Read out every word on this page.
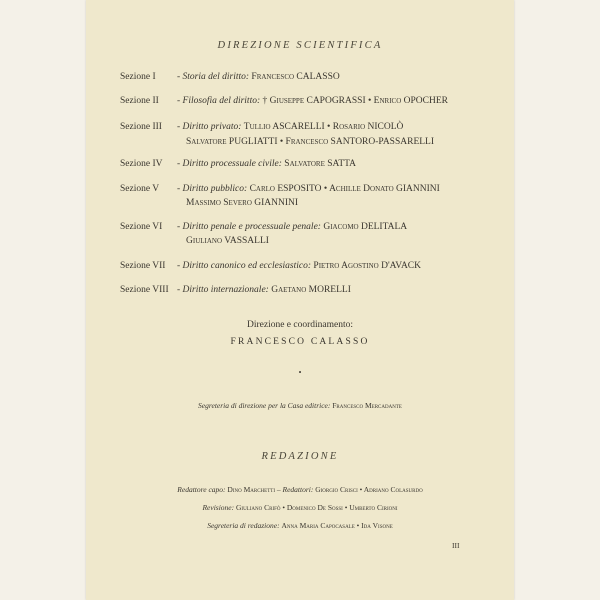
DIREZIONE SCIENTIFICA
Sezione I - Storia del diritto: Francesco CALASSO
Sezione II - Filosofia del diritto: † Giuseppe CAPOGRASSI • Enrico OPOCHER
Sezione III - Diritto privato: Tullio ASCARELLI • Rosario NICOLÒ
Salvatore PUGLIATTI • Francesco SANTORO-PASSARELLI
Sezione IV - Diritto processuale civile: Salvatore SATTA
Sezione V - Diritto pubblico: Carlo ESPOSITO • Achille Donato GIANNINI
Massimo Severo GIANNINI
Sezione VI - Diritto penale e processuale penale: Giacomo DELITALA
Giuliano VASSALLI
Sezione VII - Diritto canonico ed ecclesiastico: Pietro Agostino D'AVACK
Sezione VIII - Diritto internazionale: Gaetano MORELLI
Direzione e coordinamento:
FRANCESCO CALASSO
•
Segreteria di direzione per la Casa editrice: Francesco Mercadante
REDAZIONE
Redattore capo: Dino Marchetti – Redattori: Giorgio Crisci • Adriano Colasurdo
Revisione: Giuliano Crifò • Domenico De Sossi • Umberto Cirioni
Segreteria di redazione: Anna Maria Capocasale • Ida Visone
III
